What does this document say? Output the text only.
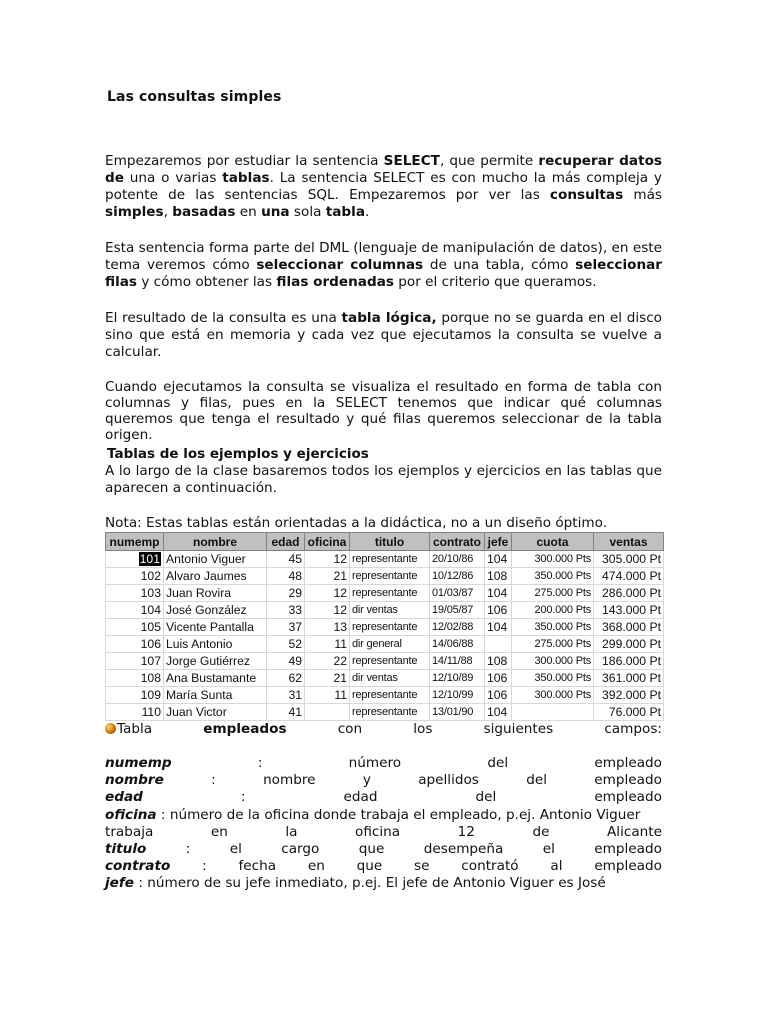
Las consultas simples
Empezaremos por estudiar la sentencia SELECT, que permite recuperar datos de una o varias tablas. La sentencia SELECT es con mucho la más compleja y potente de las sentencias SQL. Empezaremos por ver las consultas más simples, basadas en una sola tabla.
Esta sentencia forma parte del DML (lenguaje de manipulación de datos), en este tema veremos cómo seleccionar columnas de una tabla, cómo seleccionar filas y cómo obtener las filas ordenadas por el criterio que queramos.
El resultado de la consulta es una tabla lógica, porque no se guarda en el disco sino que está en memoria y cada vez que ejecutamos la consulta se vuelve a calcular.
Cuando ejecutamos la consulta se visualiza el resultado en forma de tabla con columnas y filas, pues en la SELECT tenemos que indicar qué columnas queremos que tenga el resultado y qué filas queremos seleccionar de la tabla origen.
Tablas de los ejemplos y ejercicios
A lo largo de la clase basaremos todos los ejemplos y ejercicios en las tablas que aparecen a continuación.
Nota: Estas tablas están orientadas a la didáctica, no a un diseño óptimo.
numemp	nombre	edad	oficina	titulo	contrato	jefe	cuota	ventas
101	Antonio Viguer	45	12	representante	20/10/86	104	300.000 Pts	305.000 Pt
102	Alvaro Jaumes	48	21	representante	10/12/86	108	350.000 Pts	474.000 Pt
103	Juan Rovira	29	12	representante	01/03/87	104	275.000 Pts	286.000 Pt
104	José González	33	12	dir ventas	19/05/87	106	200.000 Pts	143.000 Pt
105	Vicente Pantalla	37	13	representante	12/02/88	104	350.000 Pts	368.000 Pt
106	Luis Antonio	52	11	dir general	14/06/88		275.000 Pts	299.000 Pt
107	Jorge Gutiérrez	49	22	representante	14/11/88	108	300.000 Pts	186.000 Pt
108	Ana Bustamante	62	21	dir ventas	12/10/89	106	350.000 Pts	361.000 Pt
109	María Sunta	31	11	representante	12/10/99	106	300.000 Pts	392.000 Pt
110	Juan Victor	41		representante	13/01/90	104		76.000 Pt
Tabla	empleados	con	los	siguientes	campos:
numemp	:	número	del	empleado
nombre	:	nombre	y	apellidos	del	empleado
edad	:	edad	del	empleado
oficina : número de la oficina donde trabaja el empleado, p.ej. Antonio Viguer
trabaja	en	la	oficina	12	de	Alicante
titulo	:	el	cargo	que	desempeña	el	empleado
contrato : fecha en que se contrató al empleado
jefe : número de su jefe inmediato, p.ej. El jefe de Antonio Viguer es José
